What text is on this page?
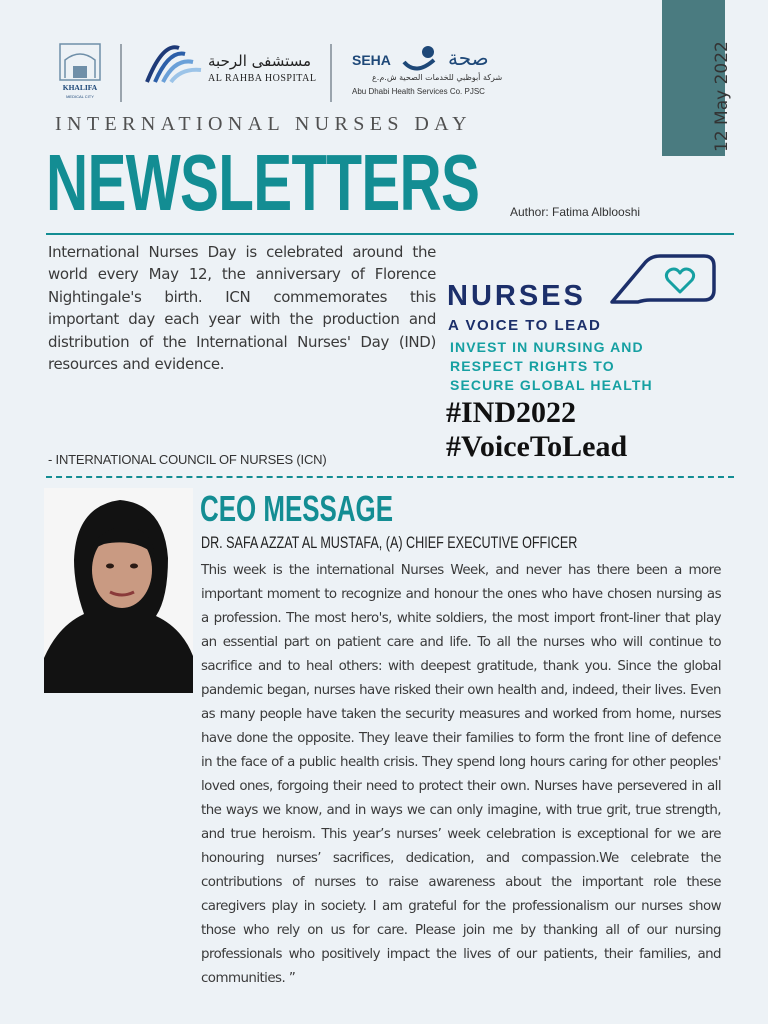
12 May 2022
KHALIFA
MEDICAL CITY
مستشفى الرحبة
AL RAHBA HOSPITAL
SEHA	صحة
شركة أبوظبي للخدمات الصحية ش.م.ع
Abu Dhabi Health Services Co. PJSC
INTERNATIONAL NURSES DAY
NEWSLETTERS	Author: Fatima Alblooshi
International Nurses Day is celebrated around the world every May 12, the anniversary of Florence Nightingale's birth. ICN commemorates this important day each year with the production and distribution of the International Nurses' Day (IND) resources and evidence.
- INTERNATIONAL COUNCIL OF NURSES (ICN)
NURSES
A VOICE TO LEAD
INVEST IN NURSING AND
RESPECT RIGHTS TO
SECURE GLOBAL HEALTH
#IND2022
#VoiceToLead
CEO MESSAGE
DR. SAFA AZZAT AL MUSTAFA, (A) CHIEF EXECUTIVE OFFICER
This week is the international Nurses Week, and never has there been a more important moment to recognize and honour the ones who have chosen nursing as a profession. The most hero's, white soldiers, the most import front-liner that play an essential part on patient care and life. To all the nurses who will continue to sacrifice and to heal others: with deepest gratitude, thank you. Since the global pandemic began, nurses have risked their own health and, indeed, their lives. Even as many people have taken the security measures and worked from home, nurses have done the opposite. They leave their families to form the front line of defence in the face of a public health crisis. They spend long hours caring for other peoples' loved ones, forgoing their need to protect their own. Nurses have persevered in all the ways we know, and in ways we can only imagine, with true grit, true strength, and true heroism. This year’s nurses’ week celebration is exceptional for we are honouring nurses’ sacrifices, dedication, and compassion.We celebrate the contributions of nurses to raise awareness about the important role these caregivers play in society. I am grateful for the professionalism our nurses show those who rely on us for care. Please join me by thanking all of our nursing professionals who positively impact the lives of our patients, their families, and communities. ”
